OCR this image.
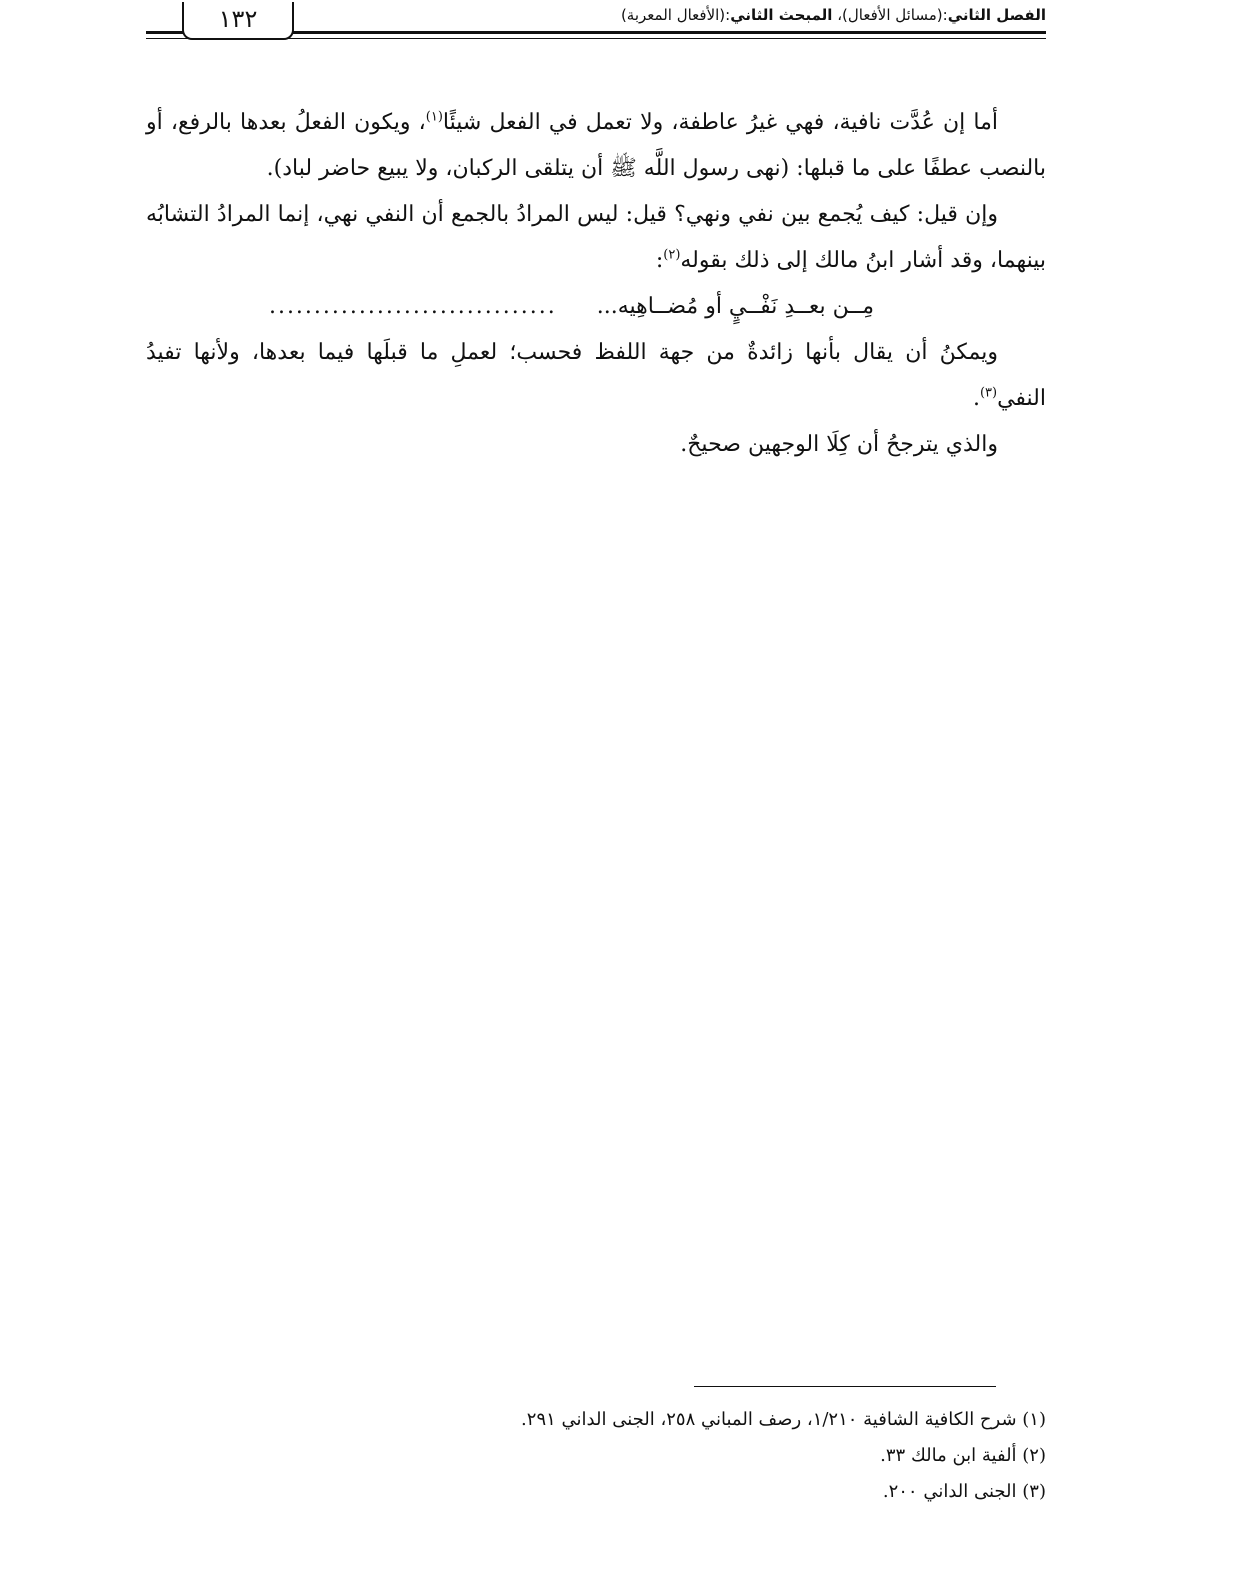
١٣٢	الفصل الثاني:(مسائل الأفعال)، المبحث الثاني:(الأفعال المعربة)

أما إن عُدَّت نافية، فهي غيرُ عاطفة، ولا تعمل في الفعل شيئًا$^{(١)}$، ويكون الفعلُ بعدها بالرفع، أو بالنصب عطفًا على ما قبلها: (نهى رسول اللَّه ﷺ أن يتلقى الركبان، ولا يبيع حاضر لباد).

وإن قيل: كيف يُجمع بين نفي ونهي؟ قيل: ليس المرادُ بالجمع أن النفي نهي، إنما المرادُ التشابُه بينهما، وقد أشار ابنُ مالك إلى ذلك بقوله$^{(٢)}$:

مِــن بعــدِ نَفْــيٍ أو مُضــاهِيه...
................................

ويمكنُ أن يقال بأنها زائدةٌ من جهة اللفظ فحسب؛ لعملِ ما قبلَها فيما بعدها، ولأنها تفيدُ النفي$^{(٣)}$.

والذي يترجحُ أن كِلَا الوجهين صحيحٌ.

(١) شرح الكافية الشافية ١/٢١٠، رصف المباني ٢٥٨، الجنى الداني ٢٩١.

(٢) ألفية ابن مالك ٣٣.

(٣) الجنى الداني ٢٠٠.
